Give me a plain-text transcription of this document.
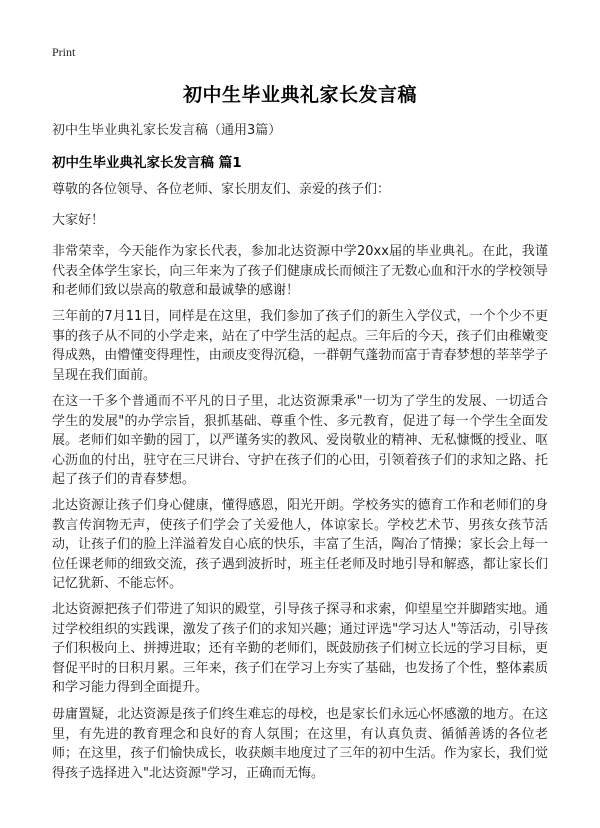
Print
初中生毕业典礼家长发言稿
初中生毕业典礼家长发言稿（通用3篇）
初中生毕业典礼家长发言稿 篇1

尊敬的各位领导、各位老师、家长朋友们、亲爱的孩子们：

大家好！

非常荣幸，今天能作为家长代表，参加北达资源中学20xx届的毕业典礼。在此，我谨代表全体学生家长，向三年来为了孩子们健康成长而倾注了无数心血和汗水的学校领导和老师们致以崇高的敬意和最诚挚的感谢！

三年前的7月11日，同样是在这里，我们参加了孩子们的新生入学仪式，一个个少不更事的孩子从不同的小学走来，站在了中学生活的起点。三年后的今天，孩子们由稚嫩变得成熟，由懵懂变得理性，由顽皮变得沉稳，一群朝气蓬勃而富于青春梦想的莘莘学子呈现在我们面前。

在这一千多个普通而不平凡的日子里，北达资源秉承"一切为了学生的发展、一切适合学生的发展"的办学宗旨，狠抓基础、尊重个性、多元教育，促进了每一个学生全面发展。老师们如辛勤的园丁，以严谨务实的教风、爱岗敬业的精神、无私慷慨的授业、呕心沥血的付出，驻守在三尺讲台、守护在孩子们的心田，引领着孩子们的求知之路、托起了孩子们的青春梦想。

北达资源让孩子们身心健康，懂得感恩，阳光开朗。学校务实的德育工作和老师们的身教言传润物无声，使孩子们学会了关爱他人，体谅家长。学校艺术节、男孩女孩节活动，让孩子们的脸上洋溢着发自心底的快乐，丰富了生活，陶冶了情操；家长会上每一位任课老师的细致交流，孩子遇到波折时，班主任老师及时地引导和解惑，都让家长们记忆犹新、不能忘怀。

北达资源把孩子们带进了知识的殿堂，引导孩子探寻和求索，仰望星空并脚踏实地。通过学校组织的实践课，激发了孩子们的求知兴趣；通过评选"学习达人"等活动，引导孩子们积极向上、拼搏进取；还有辛勤的老师们，既鼓励孩子们树立长远的学习目标，更督促平时的日积月累。三年来，孩子们在学习上夯实了基础，也发扬了个性，整体素质和学习能力得到全面提升。

毋庸置疑，北达资源是孩子们终生难忘的母校，也是家长们永远心怀感激的地方。在这里，有先进的教育理念和良好的育人氛围；在这里，有认真负责、循循善诱的各位老师；在这里，孩子们愉快成长，收获颇丰地度过了三年的初中生活。作为家长，我们觉得孩子选择进入"北达资源"学习，正确而无悔。
